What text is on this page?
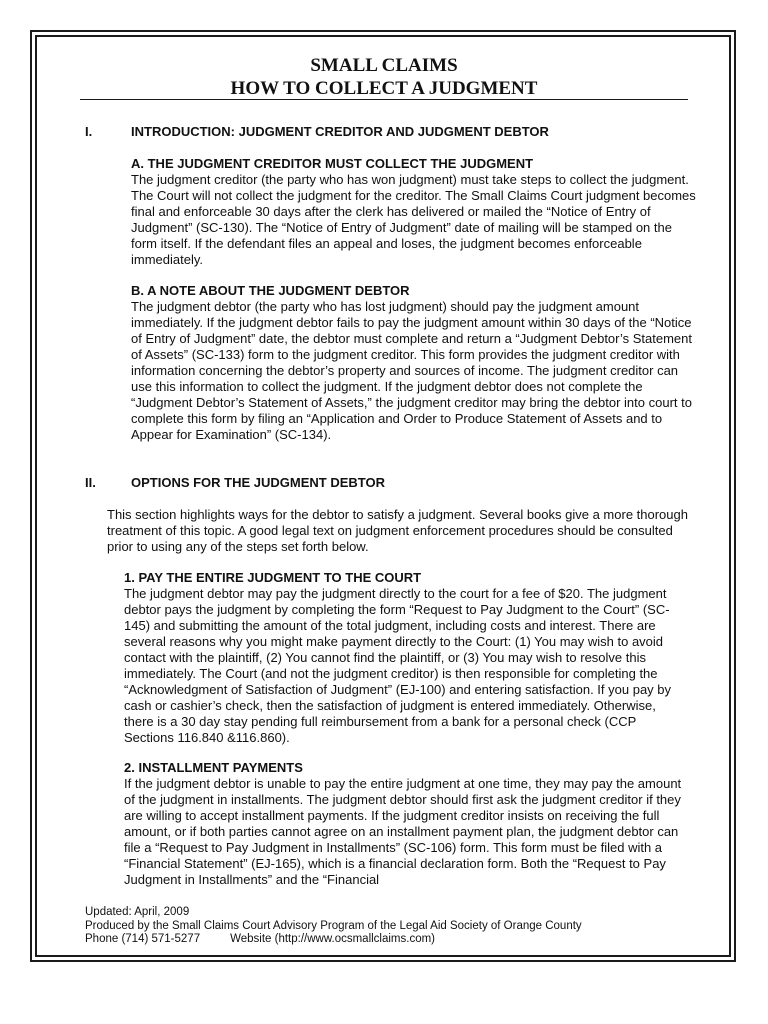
SMALL CLAIMS
HOW TO COLLECT A JUDGMENT
I.	INTRODUCTION: JUDGMENT CREDITOR AND JUDGMENT DEBTOR
A. THE JUDGMENT CREDITOR MUST COLLECT THE JUDGMENT

The judgment creditor (the party who has won judgment) must take steps to collect the judgment. The Court will not collect the judgment for the creditor. The Small Claims Court judgment becomes final and enforceable 30 days after the clerk has delivered or mailed the “Notice of Entry of Judgment” (SC-130). The “Notice of Entry of Judgment” date of mailing will be stamped on the form itself. If the defendant files an appeal and loses, the judgment becomes enforceable immediately.

B. A NOTE ABOUT THE JUDGMENT DEBTOR

The judgment debtor (the party who has lost judgment) should pay the judgment amount immediately. If the judgment debtor fails to pay the judgment amount within 30 days of the “Notice of Entry of Judgment” date, the debtor must complete and return a “Judgment Debtor’s Statement of Assets” (SC-133) form to the judgment creditor. This form provides the judgment creditor with information concerning the debtor’s property and sources of income. The judgment creditor can use this information to collect the judgment. If the judgment debtor does not complete the “Judgment Debtor’s Statement of Assets,” the judgment creditor may bring the debtor into court to complete this form by filing an “Application and Order to Produce Statement of Assets and to Appear for Examination” (SC-134).

II.	OPTIONS FOR THE JUDGMENT DEBTOR

This section highlights ways for the debtor to satisfy a judgment. Several books give a more thorough treatment of this topic. A good legal text on judgment enforcement procedures should be consulted prior to using any of the steps set forth below.

1. PAY THE ENTIRE JUDGMENT TO THE COURT

The judgment debtor may pay the judgment directly to the court for a fee of $20. The judgment debtor pays the judgment by completing the form “Request to Pay Judgment to the Court” (SC-145) and submitting the amount of the total judgment, including costs and interest. There are several reasons why you might make payment directly to the Court: (1) You may wish to avoid contact with the plaintiff, (2) You cannot find the plaintiff, or (3) You may wish to resolve this immediately. The Court (and not the judgment creditor) is then responsible for completing the “Acknowledgment of Satisfaction of Judgment” (EJ-100) and entering satisfaction. If you pay by cash or cashier’s check, then the satisfaction of judgment is entered immediately. Otherwise, there is a 30 day stay pending full reimbursement from a bank for a personal check (CCP Sections 116.840 &116.860).

2. INSTALLMENT PAYMENTS

If the judgment debtor is unable to pay the entire judgment at one time, they may pay the amount of the judgment in installments. The judgment debtor should first ask the judgment creditor if they are willing to accept installment payments. If the judgment creditor insists on receiving the full amount, or if both parties cannot agree on an installment payment plan, the judgment debtor can file a “Request to Pay Judgment in Installments” (SC-106) form. This form must be filed with a “Financial Statement” (EJ-165), which is a financial declaration form. Both the “Request to Pay Judgment in Installments” and the “Financial

Updated: April, 2009
Produced by the Small Claims Court Advisory Program of the Legal Aid Society of Orange County
Phone (714) 571-5277	Website (http://www.ocsmallclaims.com)
